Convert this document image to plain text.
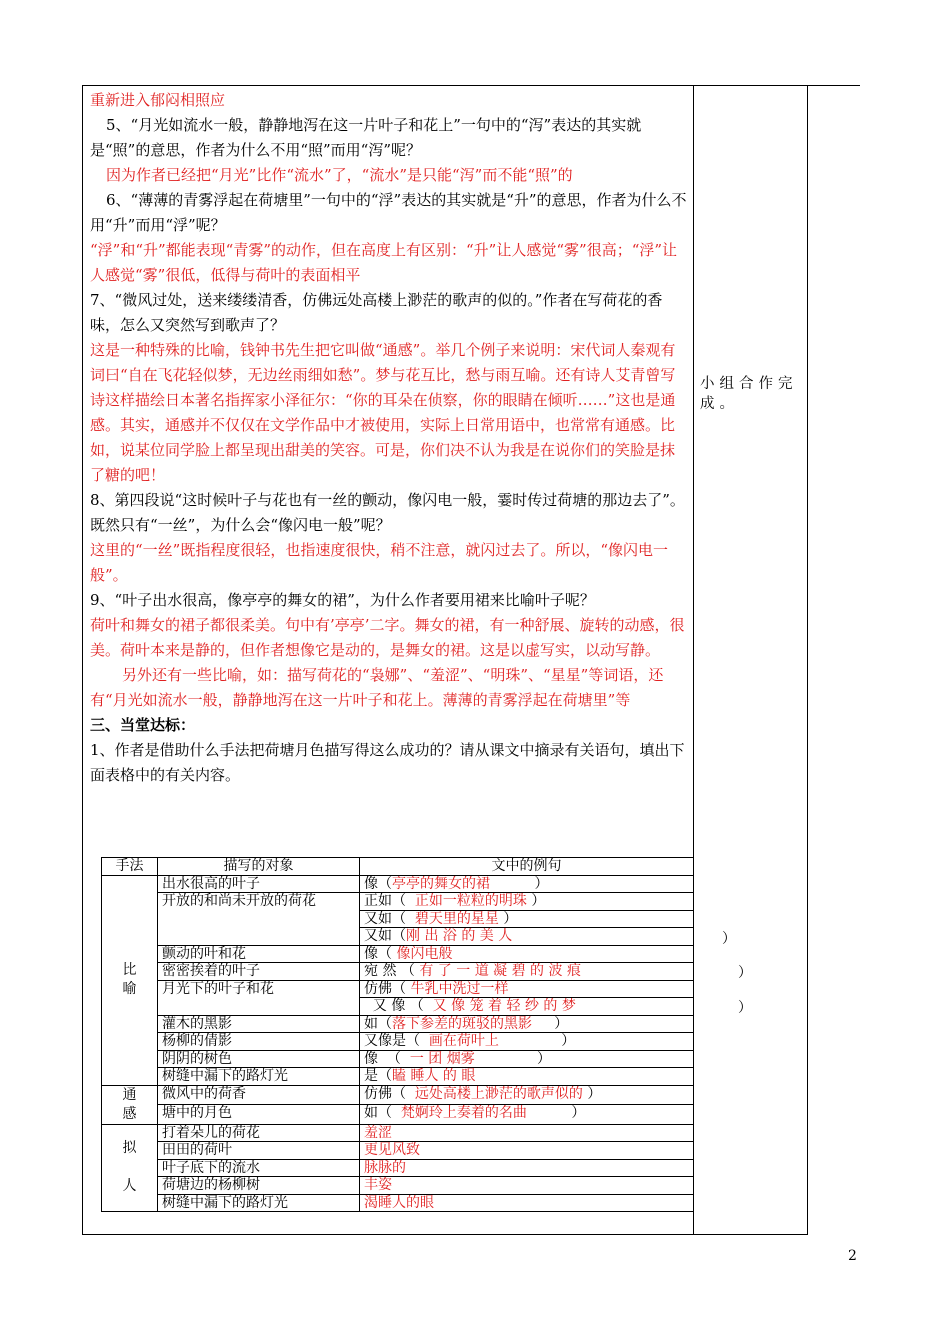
小组合作完成。

重新进入郁闷相照应

5、“月光如流水一般，静静地泻在这一片叶子和花上”一句中的“泻”表达的其实就是“照”的意思，作者为什么不用“照”而用“泻”呢？

因为作者已经把“月光”比作“流水”了，“流水”是只能“泻”而不能“照”的

6、“薄薄的青雾浮起在荷塘里”一句中的“浮”表达的其实就是“升”的意思，作者为什么不用“升”而用“浮”呢？

“浮”和“升”都能表现“青雾”的动作，但在高度上有区别：“升”让人感觉“雾”很高；“浮”让人感觉“雾”很低，低得与荷叶的表面相平

7、“微风过处，送来缕缕清香，仿佛远处高楼上渺茫的歌声的似的。”作者在写荷花的香味，怎么又突然写到歌声了？

这是一种特殊的比喻，钱钟书先生把它叫做“通感”。举几个例子来说明：宋代词人秦观有词曰“自在飞花轻似梦，无边丝雨细如愁”。梦与花互比，愁与雨互喻。还有诗人艾青曾写诗这样描绘日本著名指挥家小泽征尔：“你的耳朵在侦察，你的眼睛在倾听……”这也是通感。其实，通感并不仅仅在文学作品中才被使用，实际上日常用语中，也常常有通感。比如，说某位同学脸上都呈现出甜美的笑容。可是，你们决不认为我是在说你们的笑脸是抹了糖的吧！

8、第四段说“这时候叶子与花也有一丝的颤动，像闪电一般，霎时传过荷塘的那边去了”。既然只有“一丝”，为什么会“像闪电一般”呢？

这里的“一丝”既指程度很轻，也指速度很快，稍不注意，就闪过去了。所以，“像闪电一般”。

9、“叶子出水很高，像亭亭的舞女的裙”，为什么作者要用裙来比喻叶子呢？

荷叶和舞女的裙子都很柔美。句中有’亭亭’二字。舞女的裙，有一种舒展、旋转的动感，很美。荷叶本来是静的，但作者想像它是动的，是舞女的裙。这是以虚写实，以动写静。

另外还有一些比喻，如：描写荷花的“袅娜”、“羞涩”、“明珠”、“星星”等词语，还有“月光如流水一般，静静地泻在这一片叶子和花上。薄薄的青雾浮起在荷塘里”等

三、当堂达标：

1、作者是借助什么手法把荷塘月色描写得这么成功的？请从课文中摘录有关语句，填出下面表格中的有关内容。

手法	描写的对象	文中的例句
比
喻	出水很高的叶子	像（亭亭的舞女的裙          ）
	开放的和尚未开放的荷花	正如（  正如一粒粒的明珠 ）
		又如（  碧天里的星星 ）
		又如（刚 出 浴 的 美 人
	颤动的叶和花	像（ 像闪电般
	密密挨着的叶子	宛 然 （ 有 了 一 道 凝 碧 的 波 痕
	月光下的叶子和花	仿佛（ 牛乳中洗过一样
		又 像 （  又 像 笼 着 轻 纱 的 梦
	灌木的黑影	如（落下参差的斑驳的黑影     ）
	杨柳的倩影	又像是（  画在荷叶上              ）
	阴阴的树色	像  （  一 团 烟雾              ）
	树缝中漏下的路灯光	是（瞌 睡人 的 眼
通
感	微风中的荷香	仿佛（  远处高楼上渺茫的歌声似的 ）
	塘中的月色	如（  梵婀玲上奏着的名曲          ）
拟

人	打着朵儿的荷花	羞涩
	田田的荷叶	更见风致
	叶子底下的流水	脉脉的
	荷塘边的杨柳树	丰姿
	树缝中漏下的路灯光	渴睡人的眼
）
）
）
2
